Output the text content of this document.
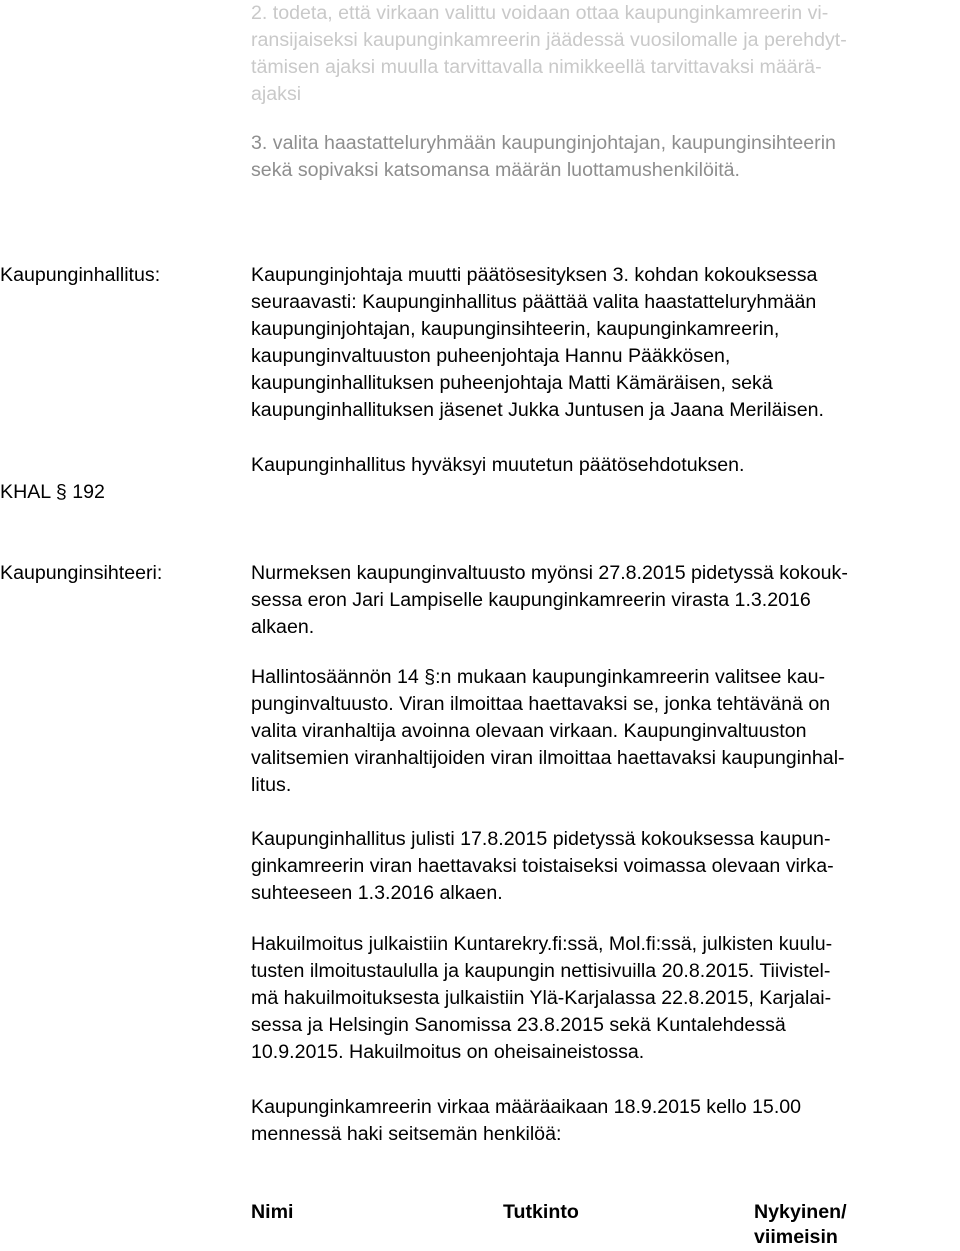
2. todeta, että virkaan valittu voidaan ottaa kaupunginkamreerin vi-
ransijaiseksi kaupunginkamreerin jäädessä vuosilomalle ja perehdyt-
tämisen ajaksi muulla tarvittavalla nimikkeellä tarvittavaksi määrä-
ajaksi
3. valita haastatteluryhmään kaupunginjohtajan, kaupunginsihteerin
sekä sopivaksi katsomansa määrän luottamushenkilöitä.
Kaupunginhallitus:	Kaupunginjohtaja muutti päätösesityksen 3. kohdan kokouksessa
seuraavasti: Kaupunginhallitus päättää valita haastatteluryhmään
kaupunginjohtajan, kaupunginsihteerin, kaupunginkamreerin,
kaupunginvaltuuston puheenjohtaja Hannu Pääkkösen,
kaupunginhallituksen puheenjohtaja Matti Kämäräisen, sekä
kaupunginhallituksen jäsenet Jukka Juntusen ja Jaana Meriläisen.
Kaupunginhallitus hyväksyi muutetun päätösehdotuksen.
KHAL § 192
Kaupunginsihteeri:	Nurmeksen kaupunginvaltuusto myönsi 27.8.2015 pidetyssä kokouk-
sessa eron Jari Lampiselle kaupunginkamreerin virasta 1.3.2016
alkaen.
Hallintosäännön 14 §:n mukaan kaupunginkamreerin valitsee kau-
punginvaltuusto. Viran ilmoittaa haettavaksi se, jonka tehtävänä on
valita viranhaltija avoinna olevaan virkaan. Kaupunginvaltuuston
valitsemien viranhaltijoiden viran ilmoittaa haettavaksi kaupunginhal-
litus.
Kaupunginhallitus julisti 17.8.2015 pidetyssä kokouksessa kaupun-
ginkamreerin viran haettavaksi toistaiseksi voimassa olevaan virka-
suhteeseen 1.3.2016 alkaen.
Hakuilmoitus julkaistiin Kuntarekry.fi:ssä, Mol.fi:ssä, julkisten kuulu-
tusten ilmoitustaululla ja kaupungin nettisivuilla 20.8.2015. Tiivistel-
mä hakuilmoituksesta julkaistiin Ylä-Karjalassa 22.8.2015, Karjalai-
sessa ja Helsingin Sanomissa 23.8.2015 sekä Kuntalehdessä
10.9.2015. Hakuilmoitus on oheisaineistossa.
Kaupunginkamreerin virkaa määräaikaan 18.9.2015 kello 15.00
mennessä haki seitsemän henkilöä:
Nimi	Tutkinto	Nykyinen/
viimeisin
